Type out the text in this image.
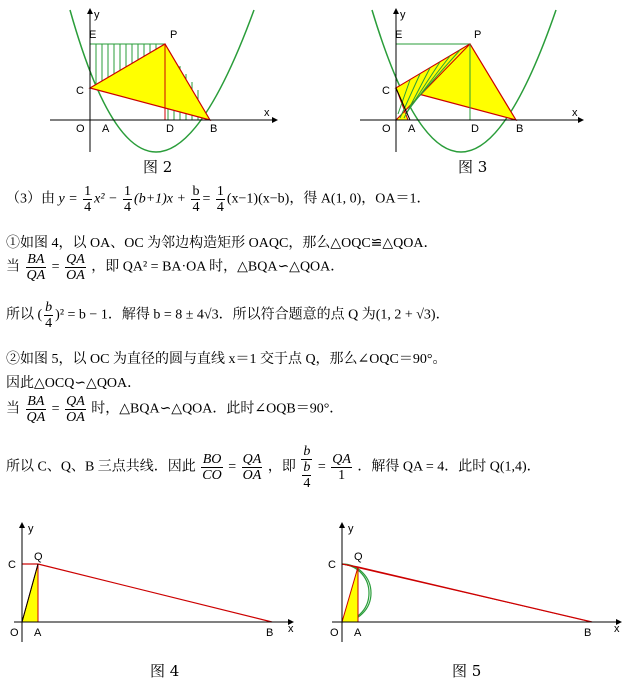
y
x
E	P
C
O A	D	B
图 2
y
x
E	P
C
O A	D	B
图 3
（3）由 $y = \frac{1}{4} x^2 - \frac{1}{4} (b+1)x + \frac{b}{4} = \frac{1}{4} (x-1)(x-b)$，得 A(1, 0)，OA＝1．
①如图 4，以 OA、OC 为邻边构造矩形 OAQC，那么△OQC≌△QOA．
当 $\frac{BA}{QA} = \frac{QA}{OA}$ ，即 QA² = BA·OA 时，△BQA∽△QOA．
所以 ( $\frac{b}{4} )^2 = b - 1$．解得 b = 8 ± 4√3．所以符合题意的点 Q 为(1, 2 + √3)．
②如图 5，以 OC 为直径的圆与直线 x＝1 交于点 Q，那么∠OQC＝90°。
因此△OCQ∽△QOA．
当 $\frac{BA}{QA} = \frac{QA}{OA}$ 时，△BQA∽△QOA．此时∠OQB＝90°．
所以 C、Q、B 三点共线．因此 $\frac{BO}{CO} = \frac{QA}{OA}$ ，即 $\frac{b}{\frac{b}{4}} = \frac{QA}{1}$ ．解得 QA = 4．此时 Q(1,4)．
y
x
C
Q
O A	B
图 4
y
x
C
Q
O A	B
图 5
